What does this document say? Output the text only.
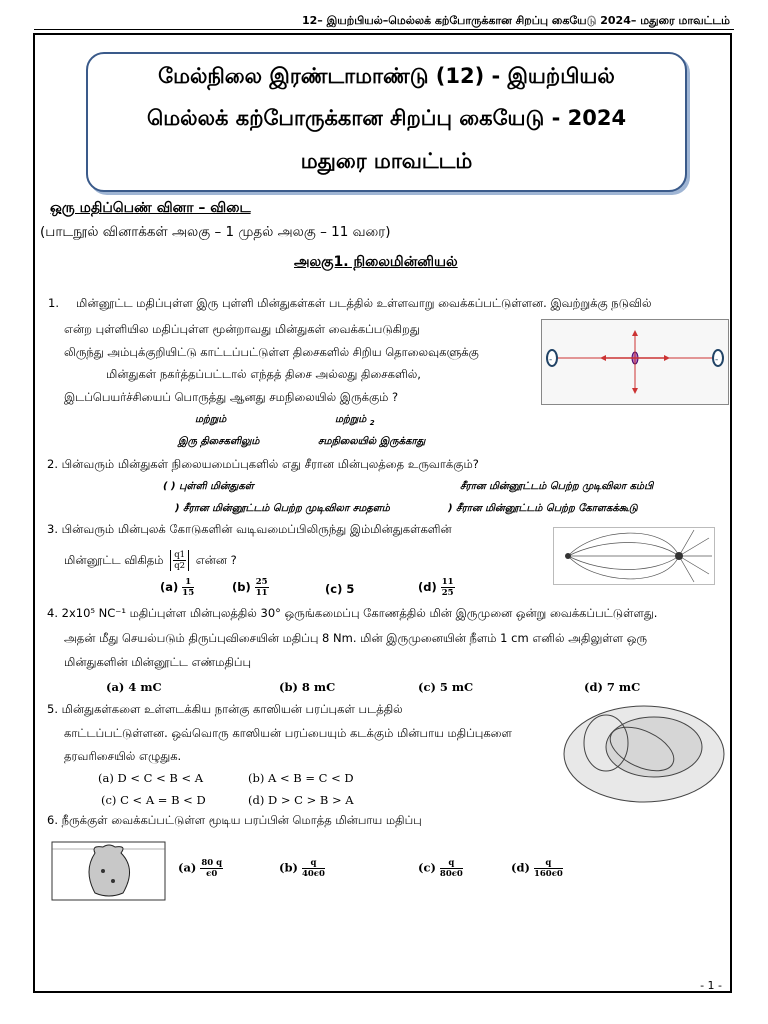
12– இயற்பியல்–மெல்லக் கற்போருக்கான சிறப்பு கையேடு 2024– மதுரை மாவட்டம்
மேல்நிலை இரண்டாமாண்டு (12) - இயற்பியல்
மெல்லக் கற்போருக்கான சிறப்பு கையேடு - 2024
மதுரை மாவட்டம்
ஒரு மதிப்பெண் வினா – விடை
(பாடநூல் வினாக்கள் அலகு – 1 முதல் அலகு – 11 வரை)
அலகு1. நிலைமின்னியல்
1. மின்னூட்ட மதிப்புள்ள இரு புள்ளி மின்துகள்கள் படத்தில் உள்ளவாறு வைக்கப்பட்டுள்ளன. இவற்றுக்கு நடுவில்
என்ற புள்ளியில மதிப்புள்ள மூன்றாவது மின்துகள் வைக்கப்படுகிறது
லிருந்து அம்புக்குறியிட்டு காட்டப்பட்டுள்ள திசைகளில் சிறிய தொலைவுகளுக்கு
மின்துகள் நகர்த்தப்பட்டால் எந்தத் திசை அல்லது திசைகளில்,
இடப்பெயர்ச்சியைப் பொருத்து ஆனது சமநிலையில் இருக்கும் ?
மற்றும்	மற்றும் $_2$
இரு திசைகளிலும்	சமநிலையில் இருக்காது
-	-
2. பின்வரும் மின்துகள் நிலையமைப்புகளில் எது சீரான மின்புலத்தை உருவாக்கும்?
( ) புள்ளி மின்துகள்	சீரான மின்னூட்டம் பெற்ற முடிவிலா கம்பி
) சீரான மின்னூட்டம் பெற்ற முடிவிலா சமதளம்	) சீரான மின்னூட்டம் பெற்ற கோளகக்கூடு
3. பின்வரும் மின்புலக் கோடுகளின் வடிவமைப்பிலிருந்து இம்மின்துகள்களின்
மின்னூட்ட விகிதம் $\frac{q1}{q2}$ என்ன ?
$(a) \frac{1}{15}$	$(b) \frac{25}{11}$	(c) 5	$(d) \frac{11}{25}$
4. 2x10⁵ NC⁻¹ மதிப்புள்ள மின்புலத்தில் 30° ஒருங்கமைப்பு கோணத்தில் மின் இருமுனை ஒன்று வைக்கப்பட்டுள்ளது.
அதன் மீது செயல்படும் திருப்புவிசையின் மதிப்பு 8 Nm. மின் இருமுனையின் நீளம் 1 cm எனில் அதிலுள்ள ஒரு
மின்துகளின் மின்னூட்ட எண்மதிப்பு
(a) 4 mC	(b) 8 mC	(c) 5 mC	(d) 7 mC
5. மின்துகள்களை உள்ளடக்கிய நான்கு காஸியன் பரப்புகள் படத்தில்
காட்டப்பட்டுள்ளன. ஒவ்வொரு காஸியன் பரப்பையும் கடக்கும் மின்பாய மதிப்புகளை
தரவரிசையில் எழுதுக.
(a) D < C < B < A	(b) A < B = C < D
(c) C < A = B < D	(d) D > C > B > A
6. நீருக்குள் வைக்கப்பட்டுள்ள மூடிய பரப்பின் மொத்த மின்பாய மதிப்பு
$(a) \frac{80 q}{\epsilon 0}$	$(b) \frac{q}{40\epsilon 0}$	$(c) \frac{q}{80\epsilon 0}$	$(d) \frac{q}{160\epsilon 0}$
- 1 -
